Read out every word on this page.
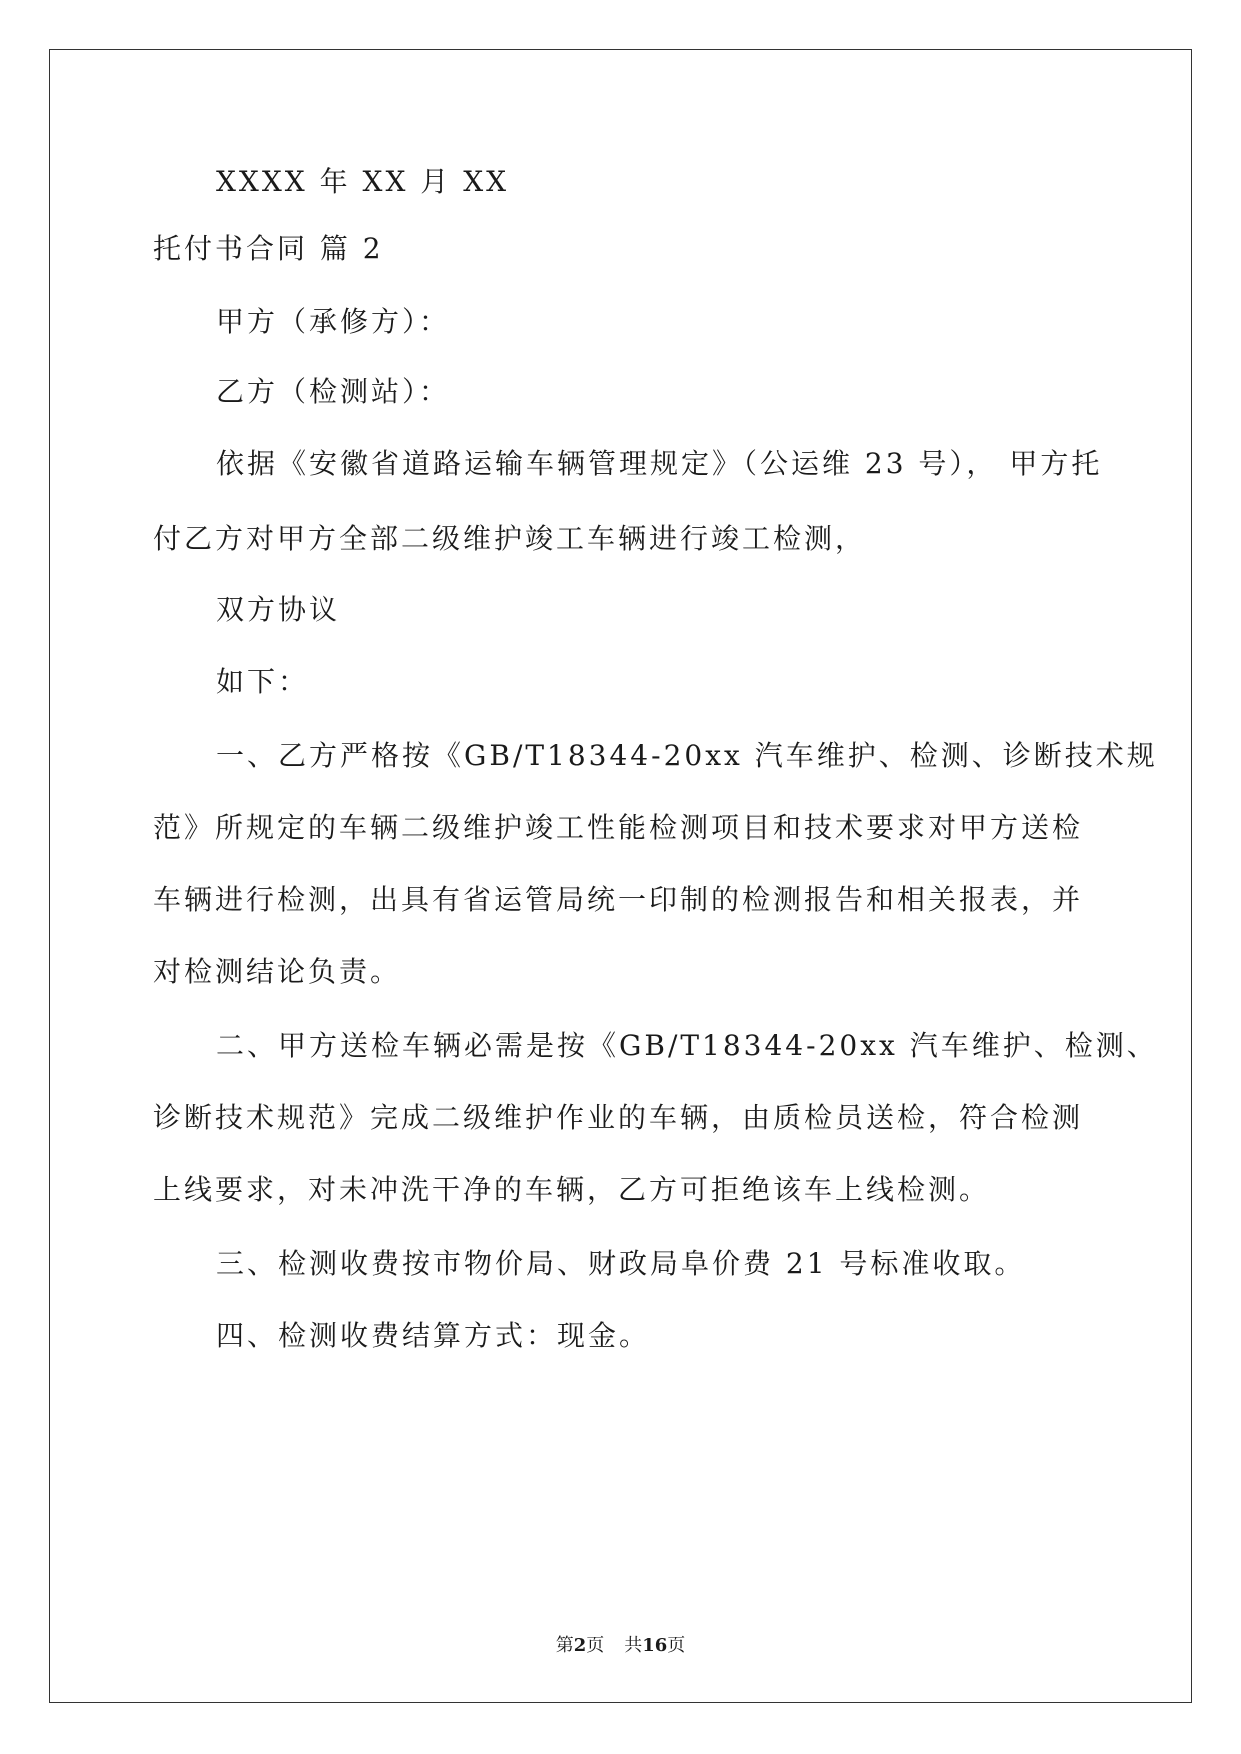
XXXX 年 XX 月 XX
托付书合同 篇 2
甲方（承修方）：
乙方（检测站）：
依据《安徽省道路运输车辆管理规定》（公运维 23 号）， 甲方托
付乙方对甲方全部二级维护竣工车辆进行竣工检测，
双方协议
如下：
一、乙方严格按《GB/T18344-20xx 汽车维护、检测、诊断技术规
范》所规定的车辆二级维护竣工性能检测项目和技术要求对甲方送检
车辆进行检测，出具有省运管局统一印制的检测报告和相关报表，并
对检测结论负责。
二、甲方送检车辆必需是按《GB/T18344-20xx 汽车维护、检测、
诊断技术规范》完成二级维护作业的车辆，由质检员送检，符合检测
上线要求，对未冲洗干净的车辆，乙方可拒绝该车上线检测。
三、检测收费按市物价局、财政局阜价费 21 号标准收取。
四、检测收费结算方式：现金。
第2页 共16页
